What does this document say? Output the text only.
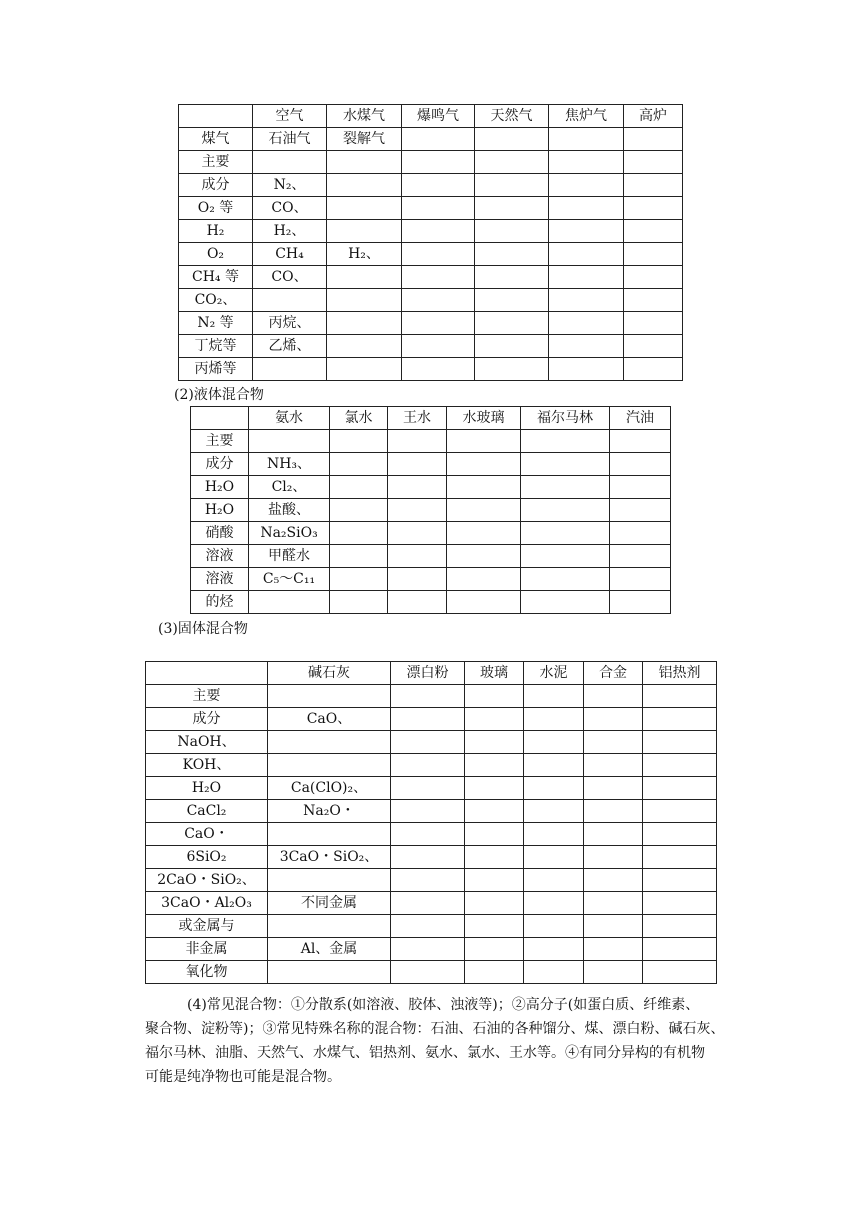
	空气	水煤气	爆鸣气	天然气	焦炉气	高炉
煤气	石油气	裂解气				
主要						
成分	N₂、					
O₂ 等	CO、					
H₂	H₂、					
O₂	CH₄	H₂、				
CH₄ 等	CO、					
CO₂、						
N₂ 等	丙烷、					
丁烷等	乙烯、					
丙烯等						
(2)液体混合物
	氨水	氯水	王水	水玻璃	福尔马林	汽油
主要						
成分	NH₃、					
H₂O	Cl₂、					
H₂O	盐酸、					
硝酸	Na₂SiO₃					
溶液	甲醛水					
溶液	C₅～C₁₁					
的烃						
(3)固体混合物
	碱石灰	漂白粉	玻璃	水泥	合金	铝热剂
主要						
成分	CaO、					
NaOH、						
KOH、						
H₂O	Ca(ClO)₂、					
CaCl₂	Na₂O・					
CaO・						
6SiO₂	3CaO・SiO₂、					
2CaO・SiO₂、						
3CaO・Al₂O₃	不同金属					
或金属与						
非金属	Al、金属					
氧化物						
(4)常见混合物：①分散系(如溶液、胶体、浊液等)；②高分子(如蛋白质、纤维素、
聚合物、淀粉等)；③常见特殊名称的混合物：石油、石油的各种馏分、煤、漂白粉、碱石灰、
福尔马林、油脂、天然气、水煤气、铝热剂、氨水、氯水、王水等。④有同分异构的有机物
可能是纯净物也可能是混合物。
